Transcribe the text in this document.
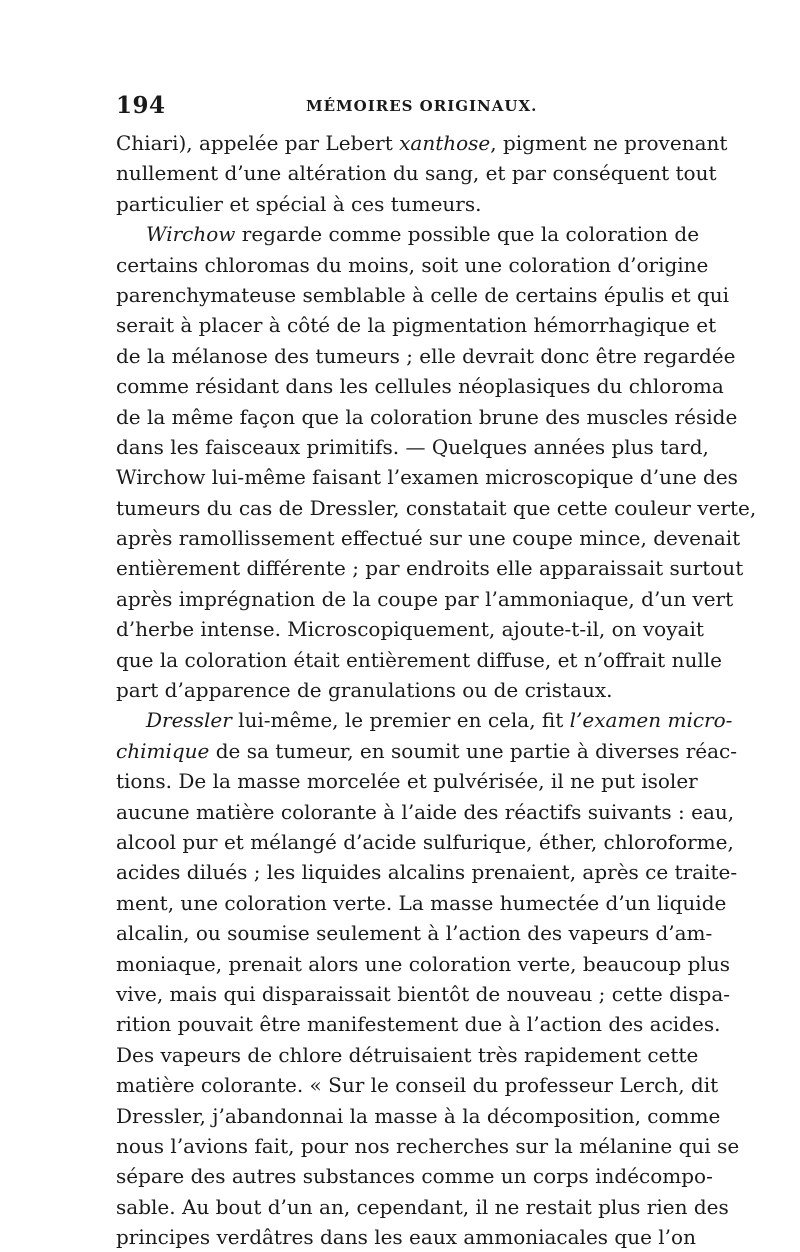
194	MÉMOIRES ORIGINAUX.
Chiari), appelée par Lebert xanthose, pigment ne provenant
nullement d’une altération du sang, et par conséquent tout
particulier et spécial à ces tumeurs.
Wirchow regarde comme possible que la coloration de
certains chloromas du moins, soit une coloration d’origine
parenchymateuse semblable à celle de certains épulis et qui
serait à placer à côté de la pigmentation hémorrhagique et
de la mélanose des tumeurs ; elle devrait donc être regardée
comme résidant dans les cellules néoplasiques du chloroma
de la même façon que la coloration brune des muscles réside
dans les faisceaux primitifs. — Quelques années plus tard,
Wirchow lui-même faisant l’examen microscopique d’une des
tumeurs du cas de Dressler, constatait que cette couleur verte,
après ramollissement effectué sur une coupe mince, devenait
entièrement différente ; par endroits elle apparaissait surtout
après imprégnation de la coupe par l’ammoniaque, d’un vert
d’herbe intense. Microscopiquement, ajoute-t-il, on voyait
que la coloration était entièrement diffuse, et n’offrait nulle
part d’apparence de granulations ou de cristaux.
Dressler lui-même, le premier en cela, fit l’examen micro-
chimique de sa tumeur, en soumit une partie à diverses réac-
tions. De la masse morcelée et pulvérisée, il ne put isoler
aucune matière colorante à l’aide des réactifs suivants : eau,
alcool pur et mélangé d’acide sulfurique, éther, chloroforme,
acides dilués ; les liquides alcalins prenaient, après ce traite-
ment, une coloration verte. La masse humectée d’un liquide
alcalin, ou soumise seulement à l’action des vapeurs d’am-
moniaque, prenait alors une coloration verte, beaucoup plus
vive, mais qui disparaissait bientôt de nouveau ; cette dispa-
rition pouvait être manifestement due à l’action des acides.
Des vapeurs de chlore détruisaient très rapidement cette
matière colorante. « Sur le conseil du professeur Lerch, dit
Dressler, j’abandonnai la masse à la décomposition, comme
nous l’avions fait, pour nos recherches sur la mélanine qui se
sépare des autres substances comme un corps indécompo-
sable. Au bout d’un an, cependant, il ne restait plus rien des
principes verdâtres dans les eaux ammoniacales que l’on
